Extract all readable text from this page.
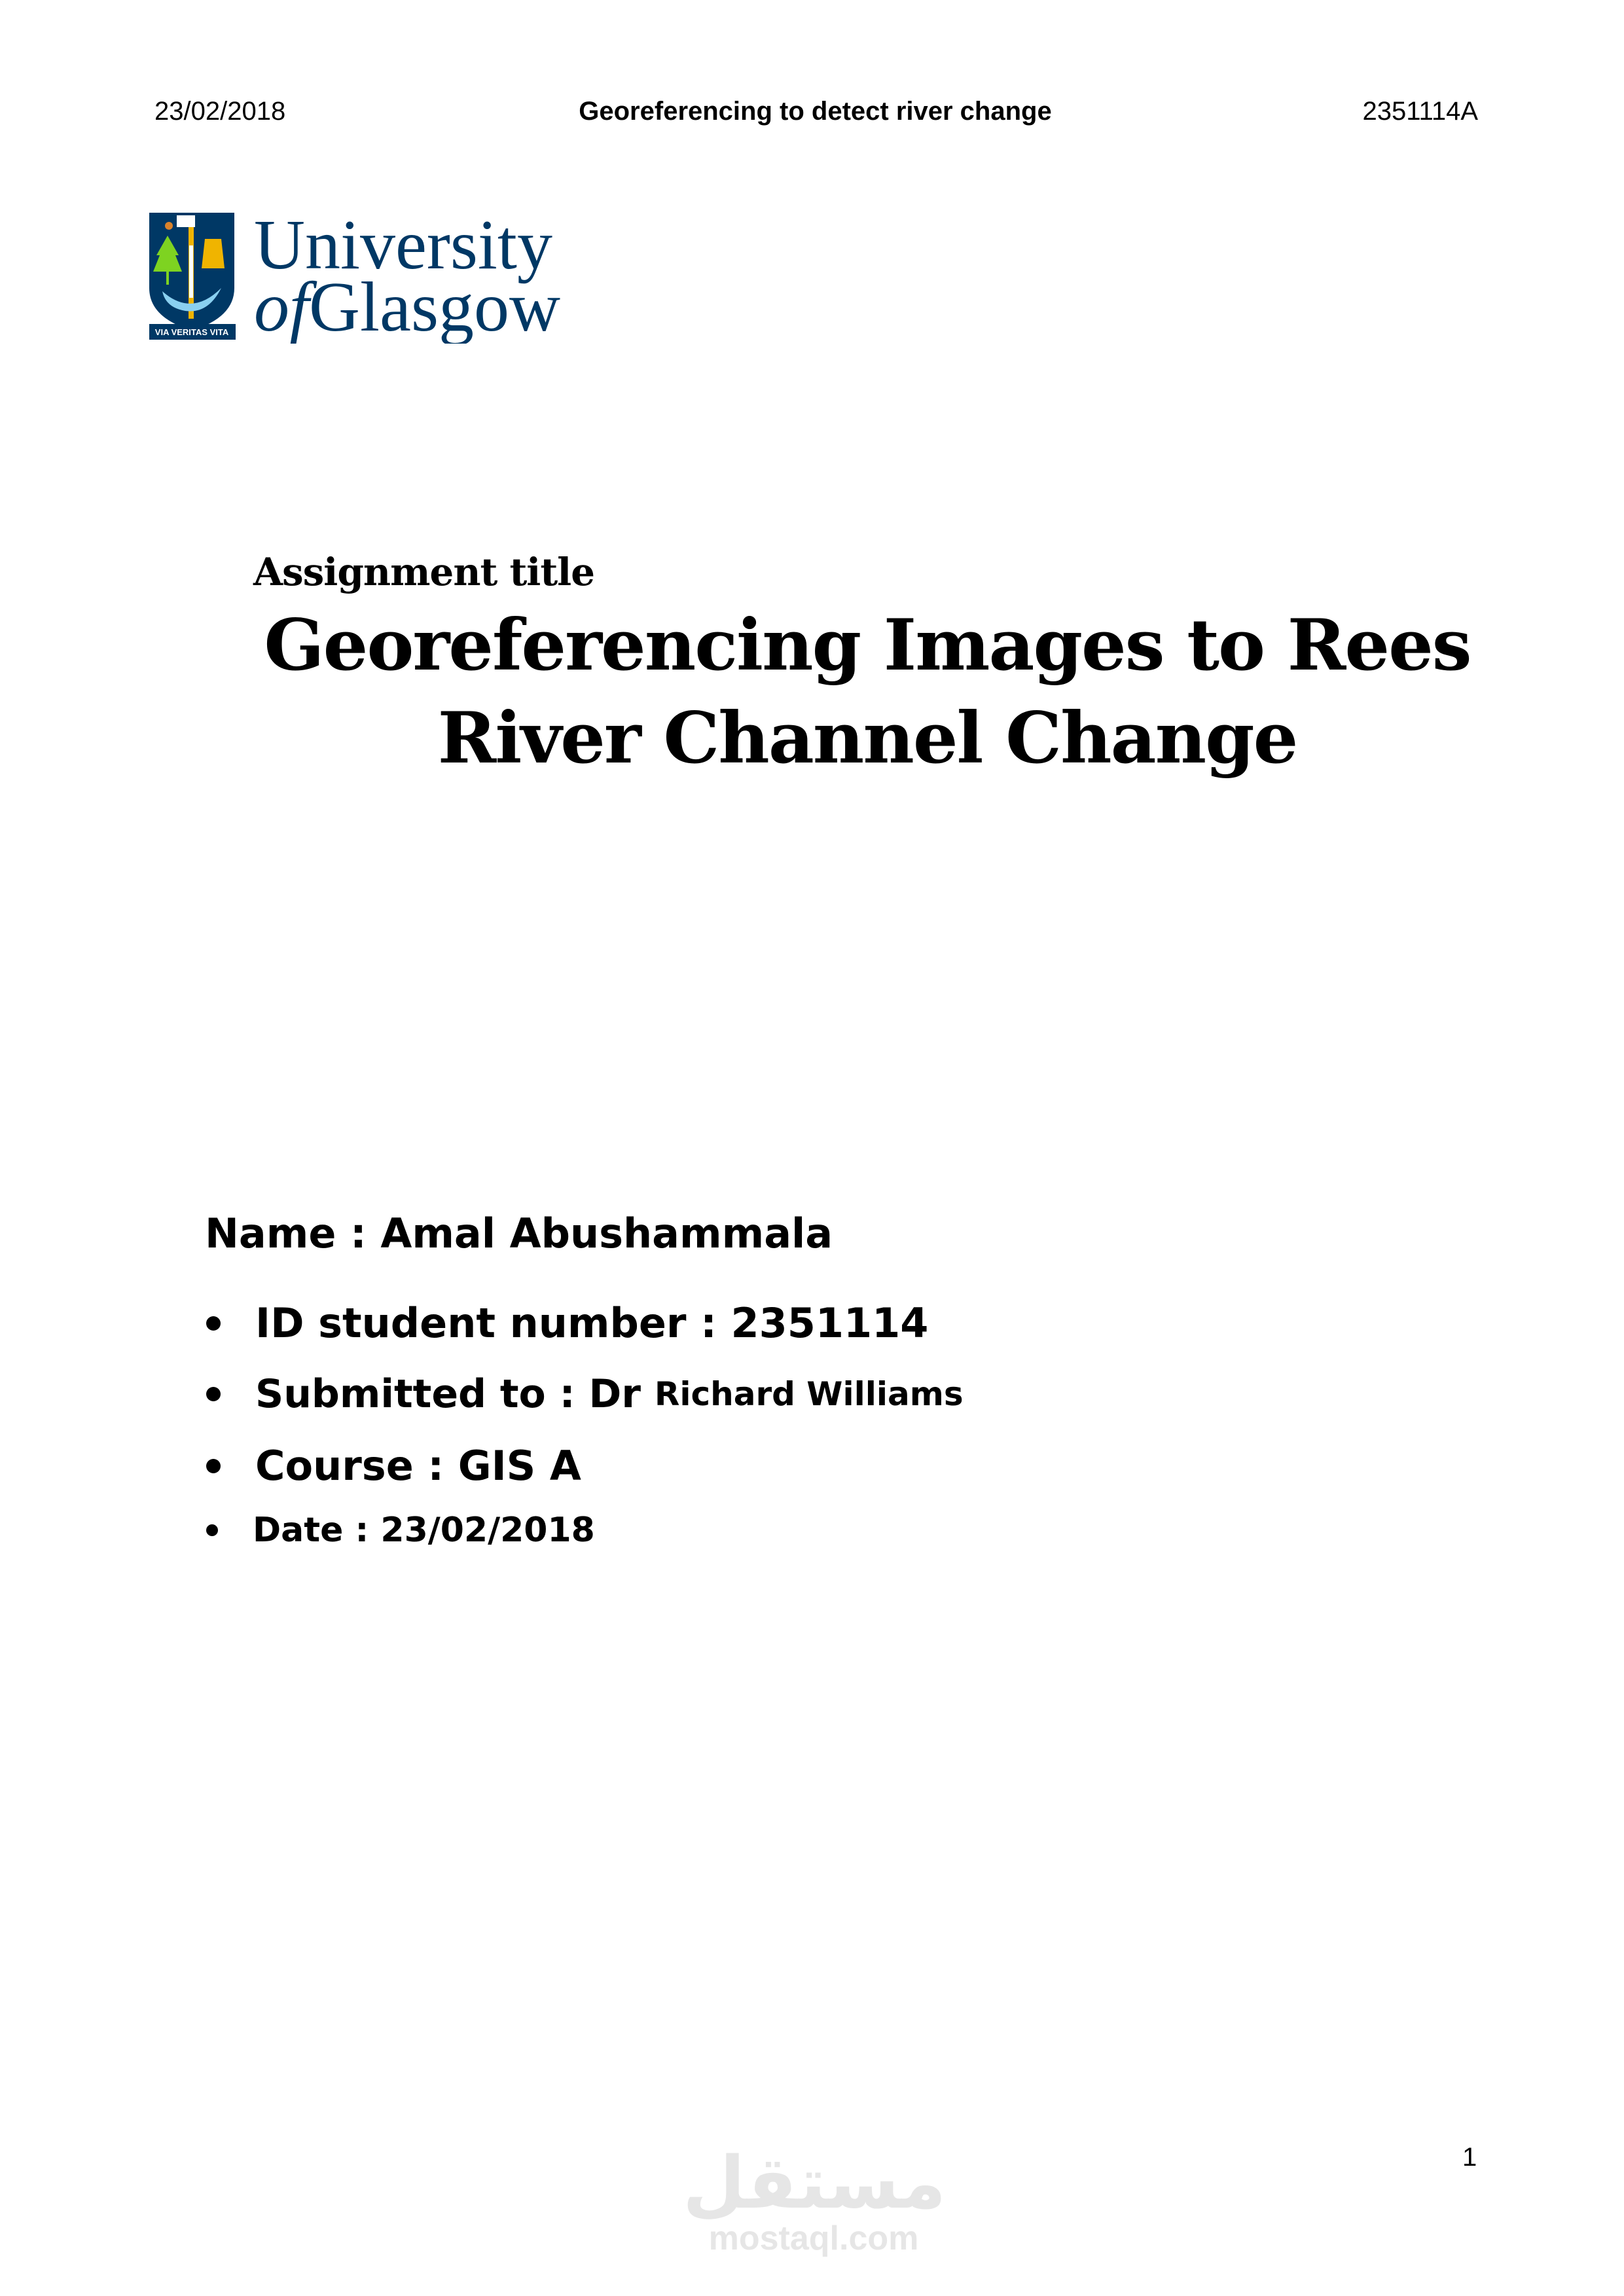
23/02/2018	Georeferencing to detect river change	2351114A
VIA VERITAS VITA
University
ofGlasgow
Assignment title
Georeferencing Images to Rees River Channel Change
Name : Amal Abushammala
ID student number : 2351114
Submitted to : Dr Richard Williams
Course : GIS A
Date : 23/02/2018
1
مستقل
mostaql.com
